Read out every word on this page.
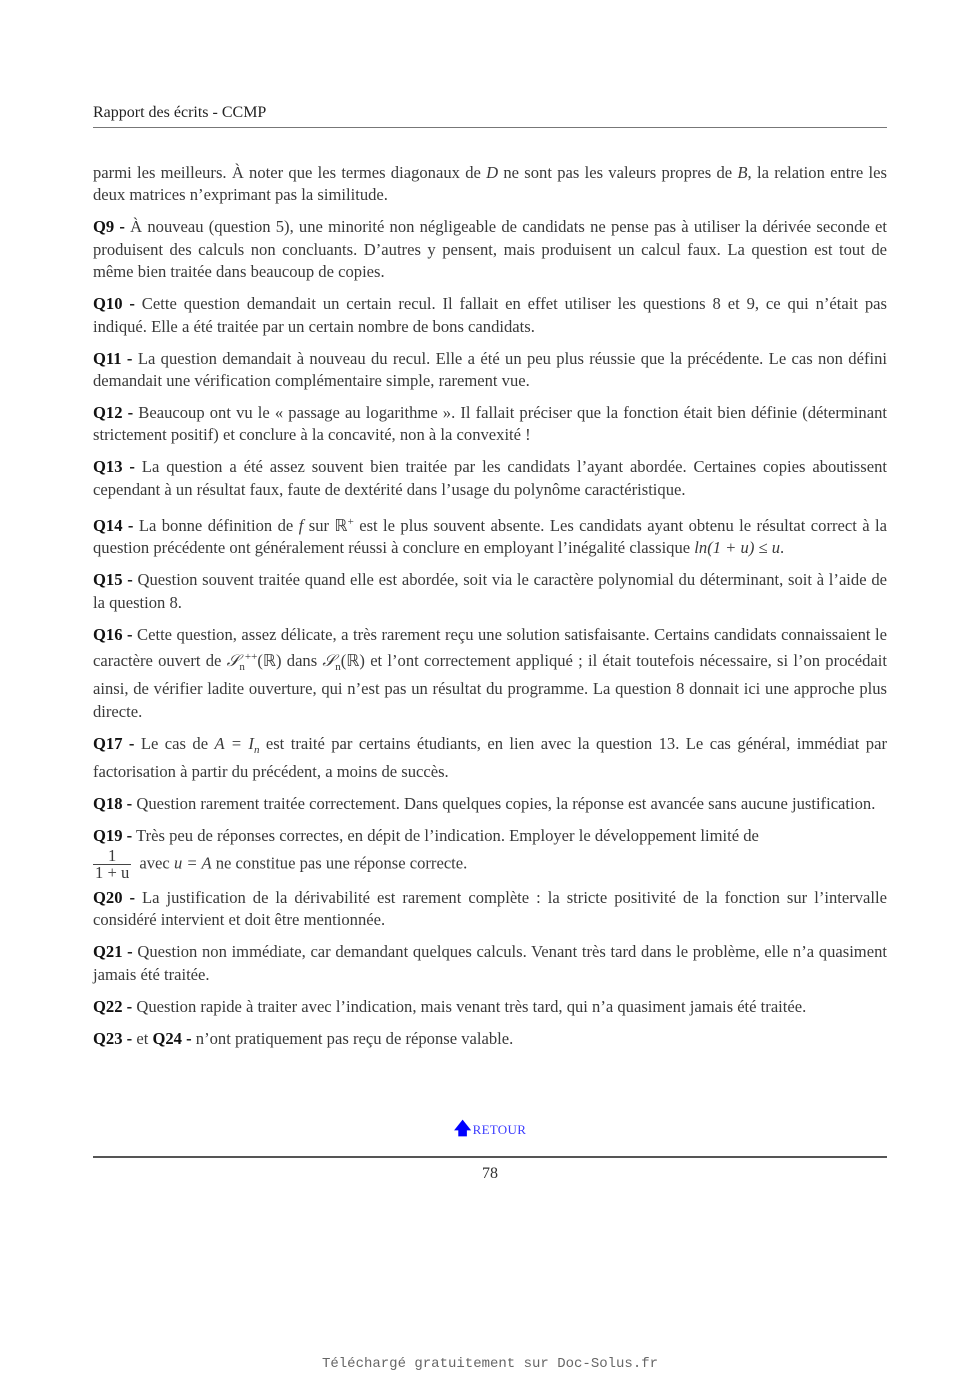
Rapport des écrits - CCMP

parmi les meilleurs. À noter que les termes diagonaux de D ne sont pas les valeurs propres de B, la relation entre les deux matrices n’exprimant pas la similitude.

Q9 - À nouveau (question 5), une minorité non négligeable de candidats ne pense pas à utiliser la dérivée seconde et produisent des calculs non concluants. D’autres y pensent, mais produisent un calcul faux. La question est tout de même bien traitée dans beaucoup de copies.

Q10 - Cette question demandait un certain recul. Il fallait en effet utiliser les questions 8 et 9, ce qui n’était pas indiqué. Elle a été traitée par un certain nombre de bons candidats.

Q11 - La question demandait à nouveau du recul. Elle a été un peu plus réussie que la précédente. Le cas non défini demandait une vérification complémentaire simple, rarement vue.

Q12 - Beaucoup ont vu le « passage au logarithme ». Il fallait préciser que la fonction était bien définie (déterminant strictement positif) et conclure à la concavité, non à la convexité !

Q13 - La question a été assez souvent bien traitée par les candidats l’ayant abordée. Certaines copies aboutissent cependant à un résultat faux, faute de dextérité dans l’usage du polynôme caractéristique.

Q14 - La bonne définition de f sur ℝ+ est le plus souvent absente. Les candidats ayant obtenu le résultat correct à la question précédente ont généralement réussi à conclure en employant l’inégalité classique ln(1 + u) ≤ u.

Q15 - Question souvent traitée quand elle est abordée, soit via le caractère polynomial du déterminant, soit à l’aide de la question 8.

Q16 - Cette question, assez délicate, a très rarement reçu une solution satisfaisante. Certains candidats connaissaient le caractère ouvert de 𝒮$_n$++(ℝ) dans 𝒮$_n$(ℝ) et l’ont correctement appliqué ; il était toutefois nécessaire, si l’on procédait ainsi, de vérifier ladite ouverture, qui n’est pas un résultat du programme. La question 8 donnait ici une approche plus directe.

Q17 - Le cas de $A = I_n$ est traité par certains étudiants, en lien avec la question 13. Le cas général, immédiat par factorisation à partir du précédent, a moins de succès.

Q18 - Question rarement traitée correctement. Dans quelques copies, la réponse est avancée sans aucune justification.

Q19 - Très peu de réponses correctes, en dépit de l’indication. Employer le développement limité de

$\frac{1}{1 + u}$ avec u = A ne constitue pas une réponse correcte.

Q20 - La justification de la dérivabilité est rarement complète : la stricte positivité de la fonction sur l’intervalle considéré intervient et doit être mentionnée.

Q21 - Question non immédiate, car demandant quelques calculs. Venant très tard dans le problème, elle n’a quasiment jamais été traitée.

Q22 - Question rapide à traiter avec l’indication, mais venant très tard, qui n’a quasiment jamais été traitée.

Q23 - et Q24 - n’ont pratiquement pas reçu de réponse valable.

🡅RETOUR
78
Téléchargé gratuitement sur Doc-Solus.fr
